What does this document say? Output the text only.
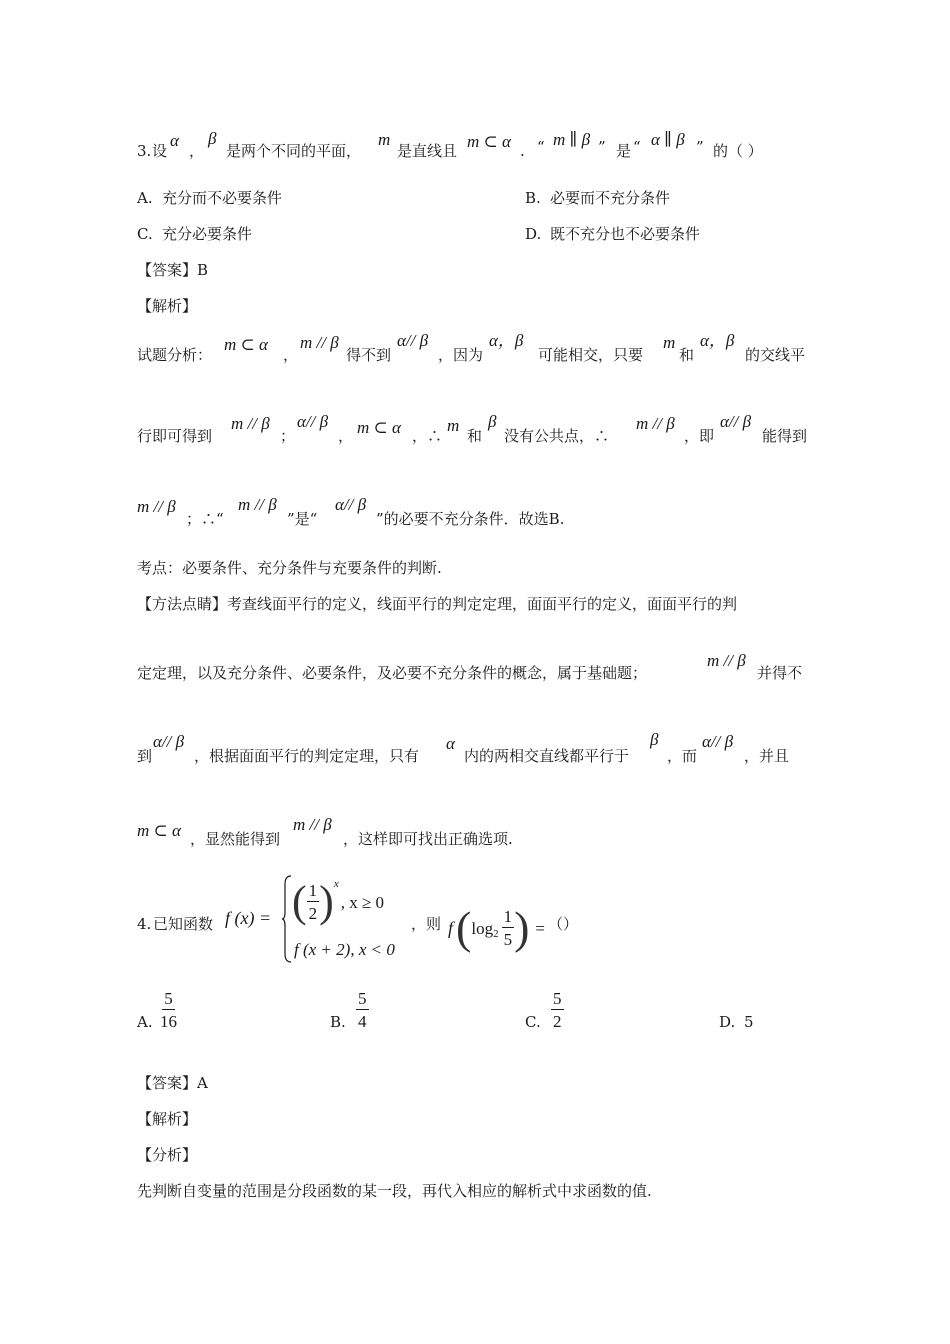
3. 设
α
，
β
是两个不同的平面，
m
是直线且 m ⊂ α . “ m ∥ β ” 是 “ α ∥ β ” 的（ ）
A. 充分而不必要条件	B. 必要而不充分条件
C. 充分必要条件	D. 既不充分也不必要条件
【答案】B
【解析】
试题分析：
m ⊂ α
，
m // β
得不到
α// β
，因为
α，β
可能相交，只要
m
和
α，β
的交线平
行即可得到
m // β
；
α// β
， m ⊂ α ，∴
m
和
β
没有公共点，∴
m // β
，即
α// β
能得到
m // β
；∴“
m // β
”是“
α// β
”的必要不充分条件．故选B.
考点：必要条件、充分条件与充要条件的判断.
【方法点睛】考查线面平行的定义，线面平行的判定定理，面面平行的定义，面面平行的判
定定理，以及充分条件、必要条件，及必要不充分条件的概念，属于基础题；
m // β
并得不
到
α// β
，根据面面平行的判定定理，只有
α
内的两相交直线都平行于
β
，而
α// β
，并且
m ⊂ α ，显然能得到
m // β
，这样即可找出正确选项.
4. 已知函数 f (x) = ( $\frac{1}{2}$ ) x
, x ≥ 0
f (x + 2), x < 0
，则 f ( $\log 2 \frac{1}{5}$ ) = （）
A. $\frac{5}{16}$	B. $\frac{5}{4}$	C. $\frac{5}{2}$	D. 5
【答案】A
【解析】
【分析】
先判断自变量的范围是分段函数的某一段，再代入相应的解析式中求函数的值.
